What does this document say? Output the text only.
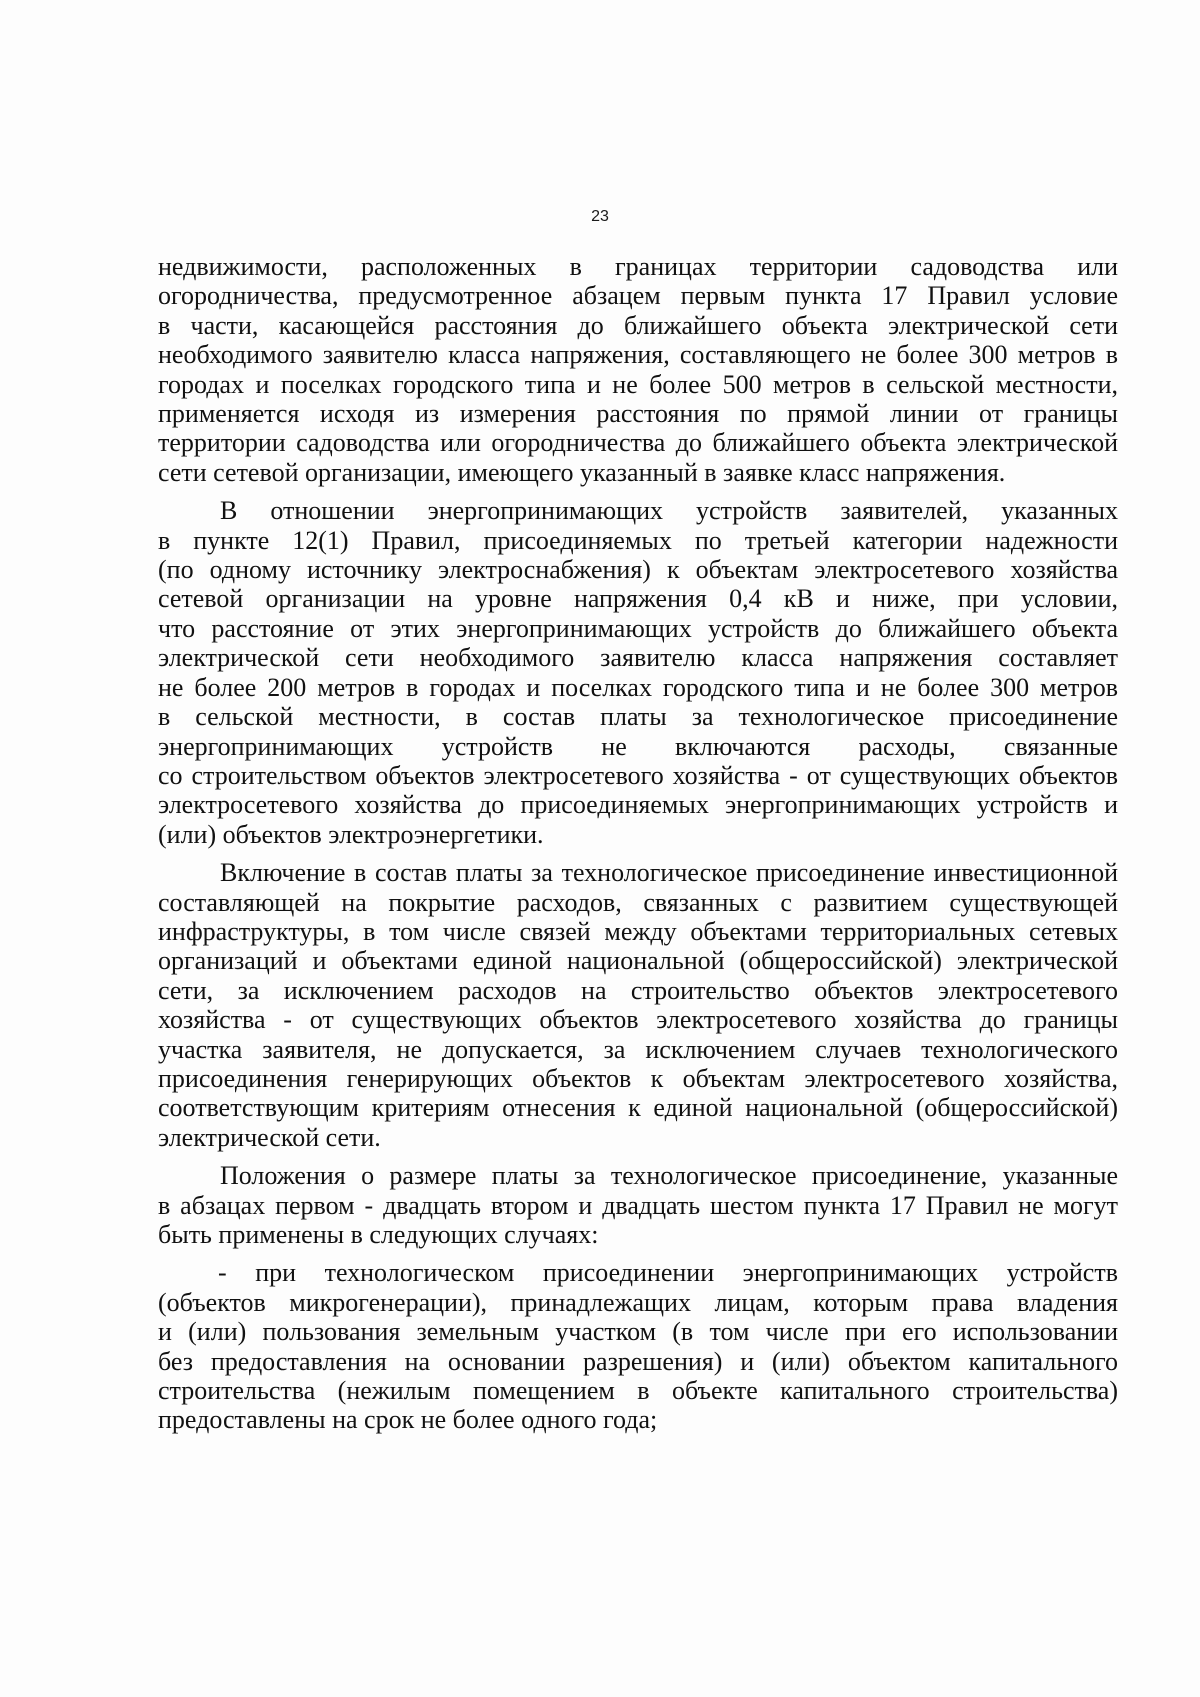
23
недвижимости, расположенных в границах территории садоводства или
огородничества, предусмотренное абзацем первым пункта 17 Правил условие
в части, касающейся расстояния до ближайшего объекта электрической сети
необходимого заявителю класса напряжения, составляющего не более 300 метров в
городах и поселках городского типа и не более 500 метров в сельской местности,
применяется исходя из измерения расстояния по прямой линии от границы
территории садоводства или огородничества до ближайшего объекта электрической
сети сетевой организации, имеющего указанный в заявке класс напряжения.
В отношении энергопринимающих устройств заявителей, указанных
в пункте 12(1) Правил, присоединяемых по третьей категории надежности
(по одному источнику электроснабжения) к объектам электросетевого хозяйства
сетевой организации на уровне напряжения 0,4 кВ и ниже, при условии,
что расстояние от этих энергопринимающих устройств до ближайшего объекта
электрической сети необходимого заявителю класса напряжения составляет
не более 200 метров в городах и поселках городского типа и не более 300 метров
в сельской местности, в состав платы за технологическое присоединение
энергопринимающих устройств не включаются расходы, связанные
со строительством объектов электросетевого хозяйства - от существующих объектов
электросетевого хозяйства до присоединяемых энергопринимающих устройств и
(или) объектов электроэнергетики.
Включение в состав платы за технологическое присоединение инвестиционной
составляющей на покрытие расходов, связанных с развитием существующей
инфраструктуры, в том числе связей между объектами территориальных сетевых
организаций и объектами единой национальной (общероссийской) электрической
сети, за исключением расходов на строительство объектов электросетевого
хозяйства - от существующих объектов электросетевого хозяйства до границы
участка заявителя, не допускается, за исключением случаев технологического
присоединения генерирующих объектов к объектам электросетевого хозяйства,
соответствующим критериям отнесения к единой национальной (общероссийской)
электрической сети.
Положения о размере платы за технологическое присоединение, указанные
в абзацах первом - двадцать втором и двадцать шестом пункта 17 Правил не могут
быть применены в следующих случаях:
- при технологическом присоединении энергопринимающих устройств
(объектов микрогенерации), принадлежащих лицам, которым права владения
и (или) пользования земельным участком (в том числе при его использовании
без предоставления на основании разрешения) и (или) объектом капитального
строительства (нежилым помещением в объекте капитального строительства)
предоставлены на срок не более одного года;
